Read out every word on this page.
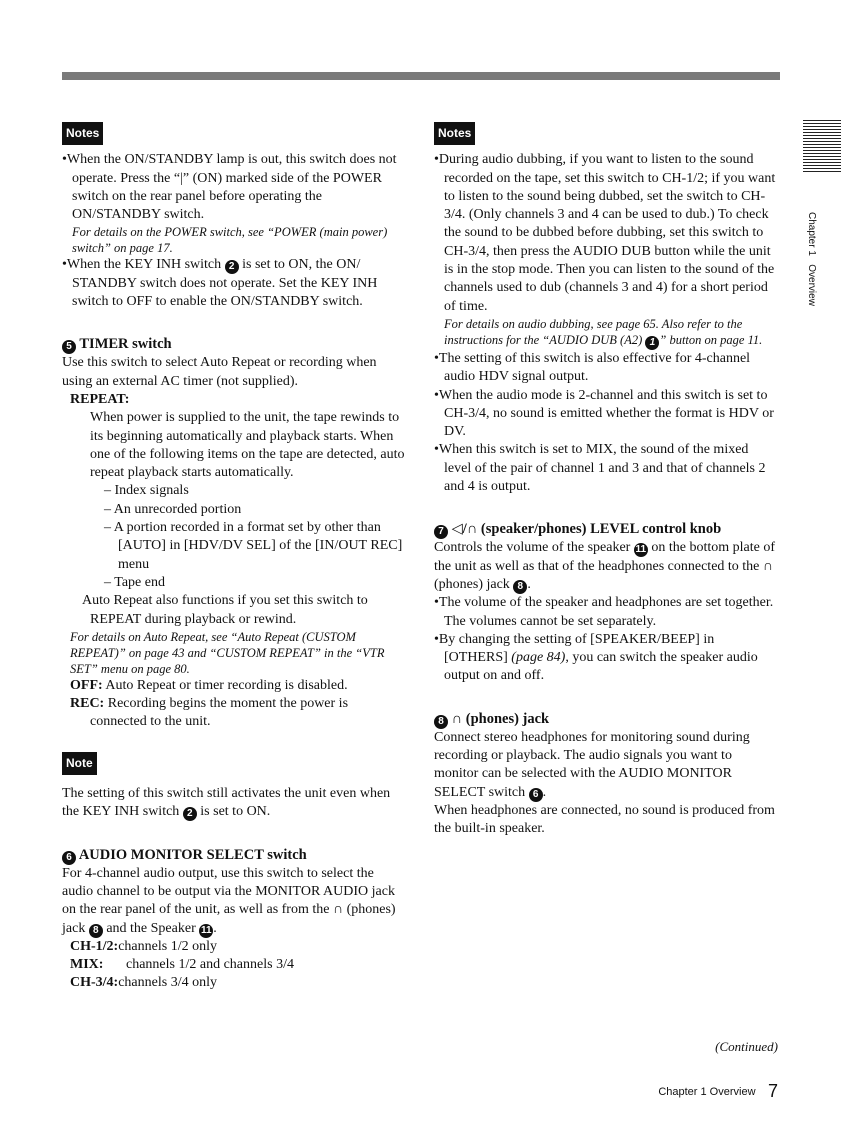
Chapter 1   Overview
Notes

•When the ON/STANDBY lamp is out, this switch does not operate. Press the “|” (ON) marked side of the POWER switch on the rear panel before operating the ON/STANDBY switch.

For details on the POWER switch, see “POWER (main power) switch” on page 17.

•When the KEY INH switch 2 is set to ON, the ON/ STANDBY switch does not operate. Set the KEY INH switch to OFF to enable the ON/STANDBY switch.

5 TIMER switch

Use this switch to select Auto Repeat or recording when using an external AC timer (not supplied).

REPEAT:

When power is supplied to the unit, the tape rewinds to its beginning automatically and playback starts. When one of the following items on the tape are detected, auto repeat playback starts automatically.

– Index signals

– An unrecorded portion

– A portion recorded in a format set by other than [AUTO] in [HDV/DV SEL] of the [IN/OUT REC] menu

– Tape end

Auto Repeat also functions if you set this switch to REPEAT during playback or rewind.

For details on Auto Repeat, see “Auto Repeat (CUSTOM REPEAT)” on page 43 and “CUSTOM REPEAT” in the “VTR SET” menu on page 80.

OFF: Auto Repeat or timer recording is disabled.

REC: Recording begins the moment the power is connected to the unit.

Note

The setting of this switch still activates the unit even when the KEY INH switch 2 is set to ON.

6 AUDIO MONITOR SELECT switch

For 4-channel audio output, use this switch to select the audio channel to be output via the MONITOR AUDIO jack on the rear panel of the unit, as well as from the ∩ (phones) jack 8 and the Speaker 11 .

CH-1/2: channels 1/2 only
MIX:	channels 1/2 and channels 3/4
CH-3/4: channels 3/4 only
Notes

•During audio dubbing, if you want to listen to the sound recorded on the tape, set this switch to CH-1/2; if you want to listen to the sound being dubbed, set the switch to CH-3/4. (Only channels 3 and 4 can be used to dub.) To check the sound to be dubbed before dubbing, set this switch to CH-3/4, then press the AUDIO DUB button while the unit is in the stop mode. Then you can listen to the sound of the channels used to dub (channels 3 and 4) for a short period of time.

For details on audio dubbing, see page 65. Also refer to the instructions for the “AUDIO DUB (A2) 1 ” button on page 11.

•The setting of this switch is also effective for 4-channel audio HDV signal output.

•When the audio mode is 2-channel and this switch is set to CH-3/4, no sound is emitted whether the format is HDV or DV.

•When this switch is set to MIX, the sound of the mixed level of the pair of channel 1 and 3 and that of channels 2 and 4 is output.

7 ◁/∩ (speaker/phones) LEVEL control knob

Controls the volume of the speaker 11 on the bottom plate of the unit as well as that of the headphones connected to the ∩ (phones) jack 8 .

•The volume of the speaker and headphones are set together. The volumes cannot be set separately.

•By changing the setting of [SPEAKER/BEEP] in [OTHERS] (page 84), you can switch the speaker audio output on and off.

8 ∩ (phones) jack

Connect stereo headphones for monitoring sound during recording or playback. The audio signals you want to monitor can be selected with the AUDIO MONITOR SELECT switch 6 .

When headphones are connected, no sound is produced from the built-in speaker.

(Continued)
Chapter 1 Overview 7
